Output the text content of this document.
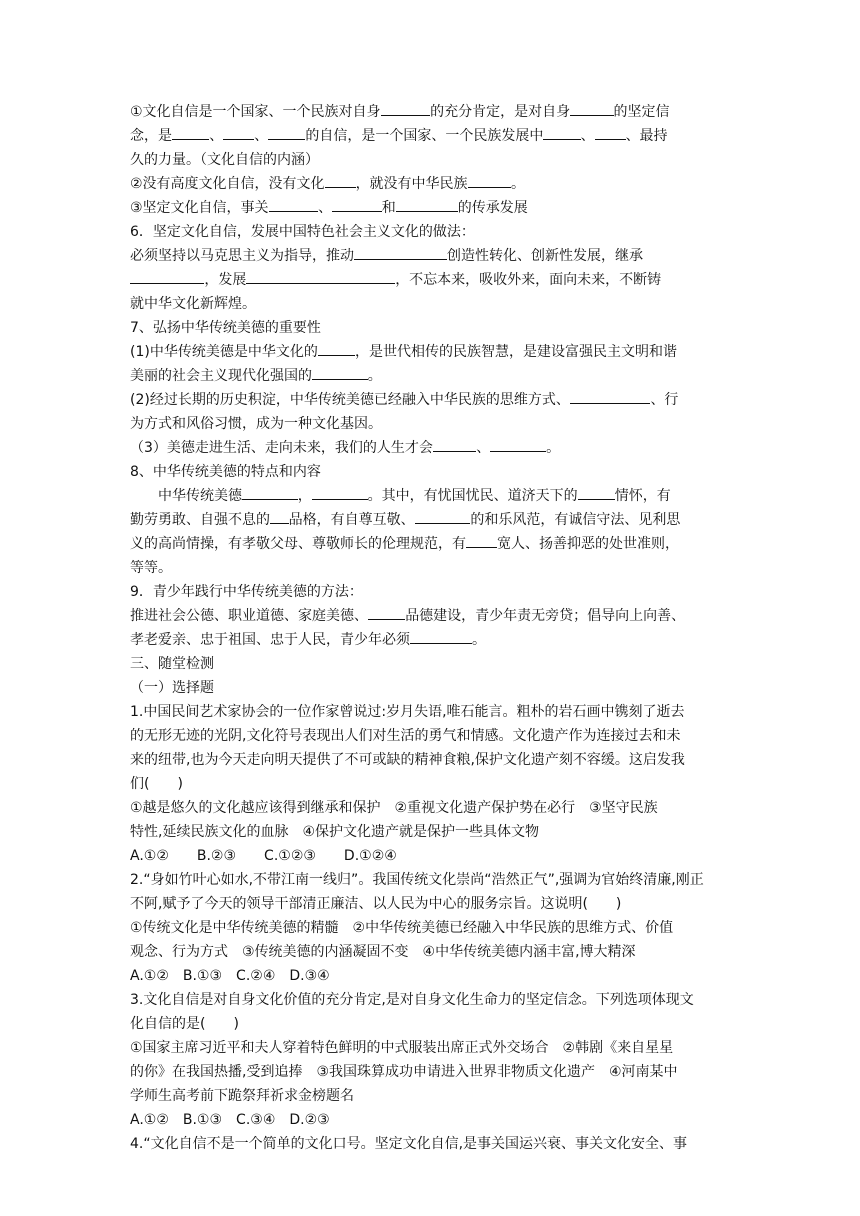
①文化自信是一个国家、一个民族对自身	的充分肯定，是对自身	的坚定信
念，是	、 、	的自信，是一个国家、一个民族发展中	、 、最持
久的力量。（文化自信的内涵）
②没有高度文化自信，没有文化 ，就没有中华民族	。
③坚定文化自信，事关	、	和	的传承发展
6．坚定文化自信，发展中国特色社会主义文化的做法：
必须坚持以马克思主义为指导，推动	创造性转化、创新性发展，继承
，发展	，不忘本来，吸收外来，面向未来，不断铸
就中华文化新辉煌。
7、弘扬中华传统美德的重要性
(1)中华传统美德是中华文化的	，是世代相传的民族智慧，是建设富强民主文明和谐
美丽的社会主义现代化强国的	。
(2)经过长期的历史积淀，中华传统美德已经融入中华民族的思维方式、	、行
为方式和风俗习惯，成为一种文化基因。
（3）美德走进生活、走向未来，我们的人生才会	、	。
8、中华传统美德的特点和内容
中华传统美德	，	。其中，有忧国忧民、道济天下的	情怀，有
勤劳勇敢、自强不息的 品格，有自尊互敬、	的和乐风范，有诚信守法、见利思
义的高尚情操，有孝敬父母、尊敬师长的伦理规范，有 宽人、扬善抑恶的处世准则，
等等。
9．青少年践行中华传统美德的方法：
推进社会公德、职业道德、家庭美德、	品德建设，青少年责无旁贷；倡导向上向善、
孝老爱亲、忠于祖国、忠于人民，青少年必须	。
三、随堂检测
（一）选择题
1.中国民间艺术家协会的一位作家曾说过:岁月失语,唯石能言。粗朴的岩石画中镌刻了逝去
的无形无迹的光阴,文化符号表现出人们对生活的勇气和情感。文化遗产作为连接过去和未
来的纽带,也为今天走向明天提供了不可或缺的精神食粮,保护文化遗产刻不容缓。这启发我
们(　　)
①越是悠久的文化越应该得到继承和保护　②重视文化遗产保护势在必行　③坚守民族
特性,延续民族文化的血脉　④保护文化遗产就是保护一些具体文物
A.①②　　B.②③　　C.①②③　　D.①②④
2.“身如竹叶心如水,不带江南一线归”。我国传统文化崇尚“浩然正气”,强调为官始终清廉,刚正
不阿,赋予了今天的领导干部清正廉洁、以人民为中心的服务宗旨。这说明(　　)
①传统文化是中华传统美德的精髓　②中华传统美德已经融入中华民族的思维方式、价值
观念、行为方式　③传统美德的内涵凝固不变　④中华传统美德内涵丰富,博大精深
A.①②　B.①③　C.②④　D.③④
3.文化自信是对自身文化价值的充分肯定,是对自身文化生命力的坚定信念。下列选项体现文
化自信的是(　　)
①国家主席习近平和夫人穿着特色鲜明的中式服装出席正式外交场合　②韩剧《来自星星
的你》在我国热播,受到追捧　③我国珠算成功申请进入世界非物质文化遗产　④河南某中
学师生高考前下跪祭拜祈求金榜题名
A.①②　B.①③　C.③④　D.②③
4.“文化自信不是一个简单的文化口号。坚定文化自信,是事关国运兴衰、事关文化安全、事
